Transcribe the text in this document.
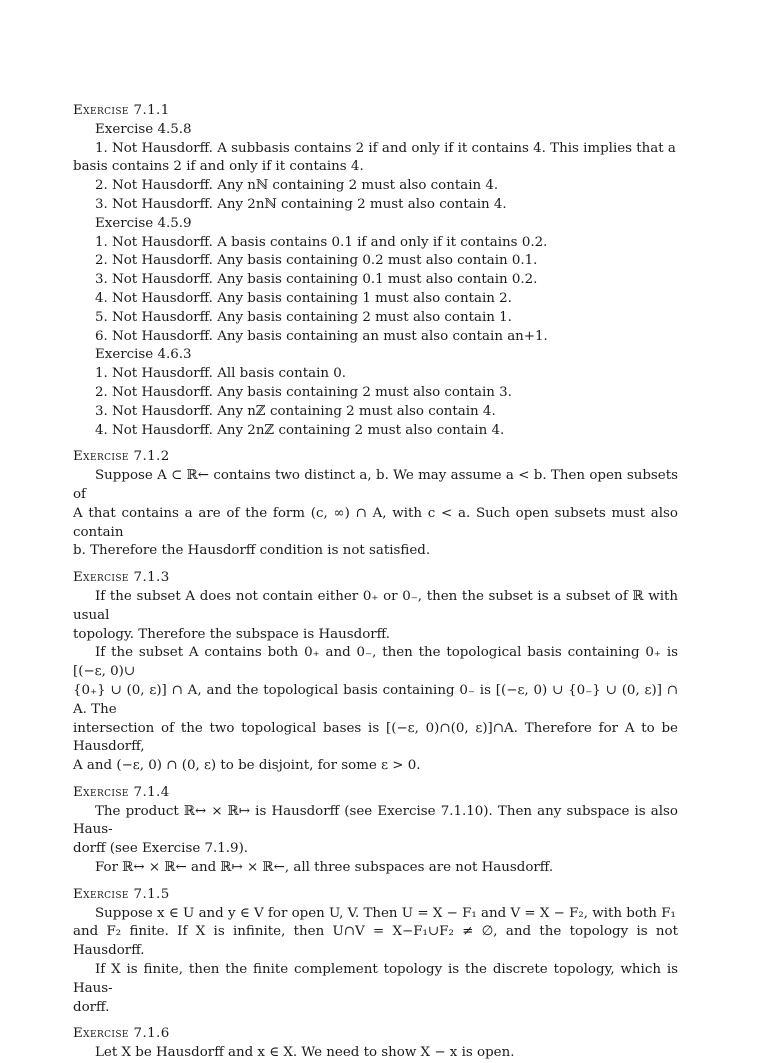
Exercise 7.1.1

Exercise 4.5.8

1. Not Hausdorff. A subbasis contains 2 if and only if it contains 4. This implies that a

basis contains 2 if and only if it contains 4.

2. Not Hausdorff. Any nℕ containing 2 must also contain 4.

3. Not Hausdorff. Any 2nℕ containing 2 must also contain 4.

Exercise 4.5.9

1. Not Hausdorff. A basis contains 0.1 if and only if it contains 0.2.

2. Not Hausdorff. Any basis containing 0.2 must also contain 0.1.

3. Not Hausdorff. Any basis containing 0.1 must also contain 0.2.

4. Not Hausdorff. Any basis containing 1 must also contain 2.

5. Not Hausdorff. Any basis containing 2 must also contain 1.

6. Not Hausdorff. Any basis containing an must also contain an+1.

Exercise 4.6.3

1. Not Hausdorff. All basis contain 0.

2. Not Hausdorff. Any basis containing 2 must also contain 3.

3. Not Hausdorff. Any nℤ containing 2 must also contain 4.

4. Not Hausdorff. Any 2nℤ containing 2 must also contain 4.

Exercise 7.1.2

Suppose A ⊂ ℝ← contains two distinct a, b. We may assume a < b. Then open subsets of

A that contains a are of the form (c, ∞) ∩ A, with c < a. Such open subsets must also contain

b. Therefore the Hausdorff condition is not satisfied.

Exercise 7.1.3

If the subset A does not contain either 0₊ or 0₋, then the subset is a subset of ℝ with usual

topology. Therefore the subspace is Hausdorff.

If the subset A contains both 0₊ and 0₋, then the topological basis containing 0₊ is [(−ε, 0)∪

{0₊} ∪ (0, ε)] ∩ A, and the topological basis containing 0₋ is [(−ε, 0) ∪ {0₋} ∪ (0, ε)] ∩ A. The

intersection of the two topological bases is [(−ε, 0)∩(0, ε)]∩A. Therefore for A to be Hausdorff,

A and (−ε, 0) ∩ (0, ε) to be disjoint, for some ε > 0.

Exercise 7.1.4

The product ℝ↔ × ℝ↦ is Hausdorff (see Exercise 7.1.10). Then any subspace is also Haus-

dorff (see Exercise 7.1.9).

For ℝ↔ × ℝ← and ℝ↦ × ℝ←, all three subspaces are not Hausdorff.

Exercise 7.1.5

Suppose x ∈ U and y ∈ V for open U, V. Then U = X − F₁ and V = X − F₂, with both F₁

and F₂ finite. If X is infinite, then U∩V = X−F₁∪F₂ ≠ ∅, and the topology is not Hausdorff.

If X is finite, then the finite complement topology is the discrete topology, which is Haus-

dorff.

Exercise 7.1.6

Let X be Hausdorff and x ∈ X. We need to show X − x is open.
